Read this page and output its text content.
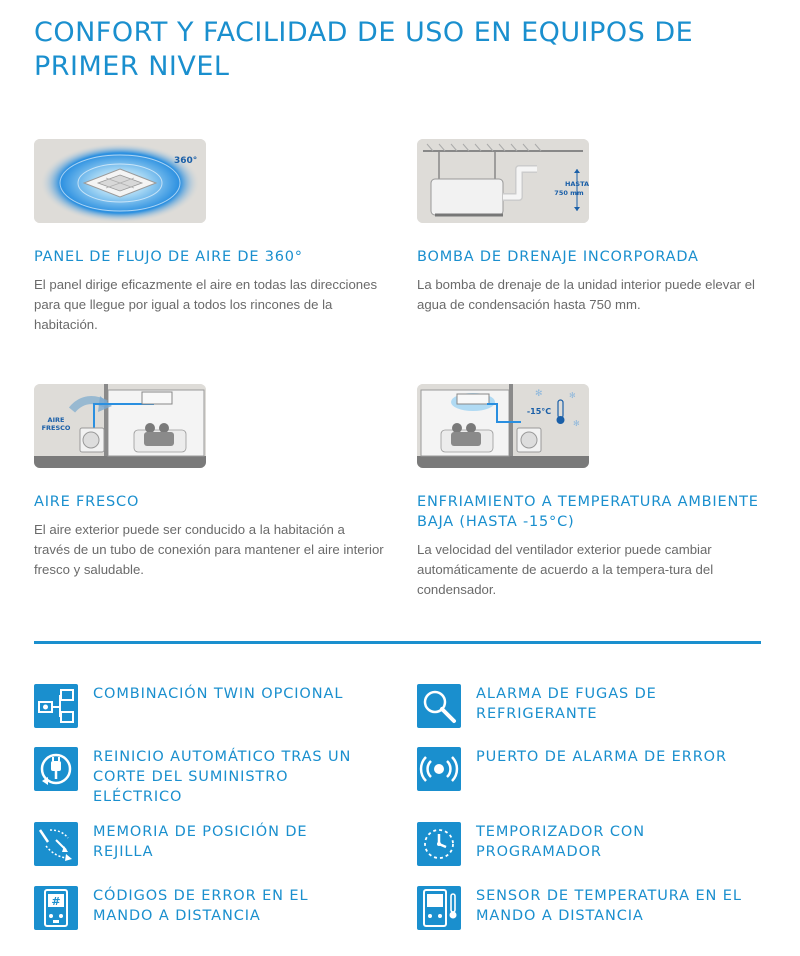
CONFORT Y FACILIDAD DE USO EN EQUIPOS DE PRIMER NIVEL
360°
PANEL DE FLUJO DE AIRE DE 360°
El panel dirige eficazmente el aire en todas las direcciones para que llegue por igual a todos los rincones de la habitación.
HASTA
750 mm
BOMBA DE DRENAJE INCORPORADA
La bomba de drenaje de la unidad interior puede elevar el agua de condensación hasta 750 mm.
AIRE
FRESCO
AIRE FRESCO
El aire exterior puede ser conducido a la habitación a través de un tubo de conexión para mantener el aire interior fresco y saludable.
-15°C
✻	✻
✻
ENFRIAMIENTO A TEMPERATURA AMBIENTE BAJA (HASTA -15°C)
La velocidad del ventilador exterior puede cambiar automáticamente de acuerdo a la tempera-tura del condensador.
COMBINACIÓN TWIN OPCIONAL	ALARMA DE FUGAS DE REFRIGERANTE
REINICIO AUTOMÁTICO TRAS UN CORTE DEL SUMINISTRO ELÉCTRICO
PUERTO DE ALARMA DE ERROR
MEMORIA DE POSICIÓN DE REJILLA
TEMPORIZADOR CON PROGRAMADOR
# CÓDIGOS DE ERROR EN EL MANDO A DISTANCIA
SENSOR DE TEMPERATURA EN EL MANDO A DISTANCIA
